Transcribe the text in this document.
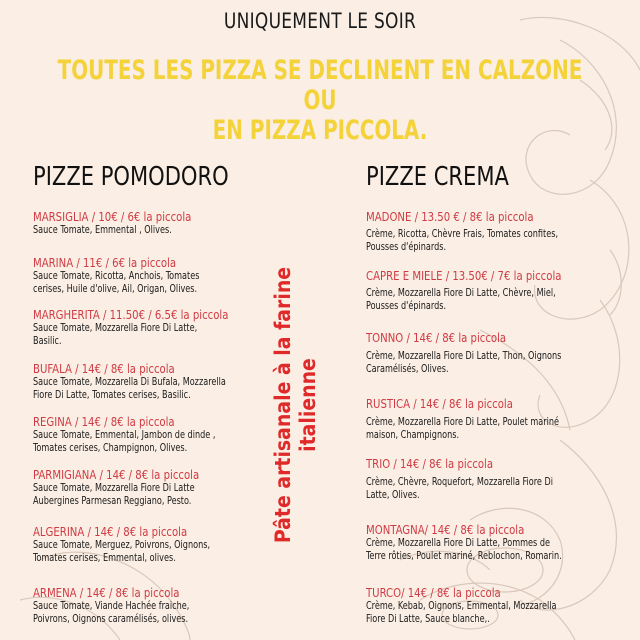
UNIQUEMENT LE SOIR
TOUTES LES PIZZA SE DECLINENT EN CALZONE OU
EN PIZZA PICCOLA.
PIZZE POMODORO	PIZZE CREMA
Pâte artisanale à la farine italienne
MARSIGLIA / 10€ / 6€ la piccola
Sauce Tomate, Emmental , Olives.
MARINA / 11€ / 6€ la piccola
Sauce Tomate, Ricotta, Anchois, Tomates
cerises, Huile d'olive, Ail, Origan, Olives.
MARGHERITA / 11.50€ / 6.5€ la piccola
Sauce Tomate, Mozzarella Fiore Di Latte,
Basilic.
BUFALA / 14€ / 8€ la piccola
Sauce Tomate, Mozzarella Di Bufala, Mozzarella
Fiore Di Latte, Tomates cerises, Basilic.
REGINA / 14€ / 8€ la piccola
Sauce Tomate, Emmental, Jambon de dinde ,
Tomates cerises, Champignon, Olives.
PARMIGIANA / 14€ / 8€ la piccola
Sauce Tomate, Mozzarella Fiore Di Latte
Aubergines Parmesan Reggiano, Pesto.
ALGERINA / 14€ / 8€ la piccola
Sauce Tomate, Merguez, Poivrons, Oignons,
Tomates cerises, Emmental, olives.
ARMENA / 14€ / 8€ la piccola
Sauce Tomate, Viande Hachée fraiche,
Poivrons, Oignons caramélisés, olives.
MADONE / 13.50 € / 8€ la piccola
Crème, Ricotta, Chèvre Frais, Tomates confites,
Pousses d'épinards.
CAPRE E MIELE / 13.50€ / 7€ la piccola
Crème, Mozzarella Fiore Di Latte, Chèvre, Miel,
Pousses d'épinards.
TONNO / 14€ / 8€ la piccola
Crème, Mozzarella Fiore Di Latte, Thon, Oignons
Caramélisés, Olives.
RUSTICA / 14€ / 8€ la piccola
Crème, Mozzarella Fiore Di Latte, Poulet mariné
maison, Champignons.
TRIO / 14€ / 8€ la piccola
Crème, Chèvre, Roquefort, Mozzarella Fiore Di
Latte, Olives.
MONTAGNA/ 14€ / 8€ la piccola
Crème, Mozzarella Fiore Di Latte, Pommes de
Terre rôties, Poulet mariné, Reblochon, Romarin.
TURCO/ 14€ / 8€ la piccola
Crème, Kebab, Oignons, Emmental, Mozzarella
Fiore Di Latte, Sauce blanche,.
